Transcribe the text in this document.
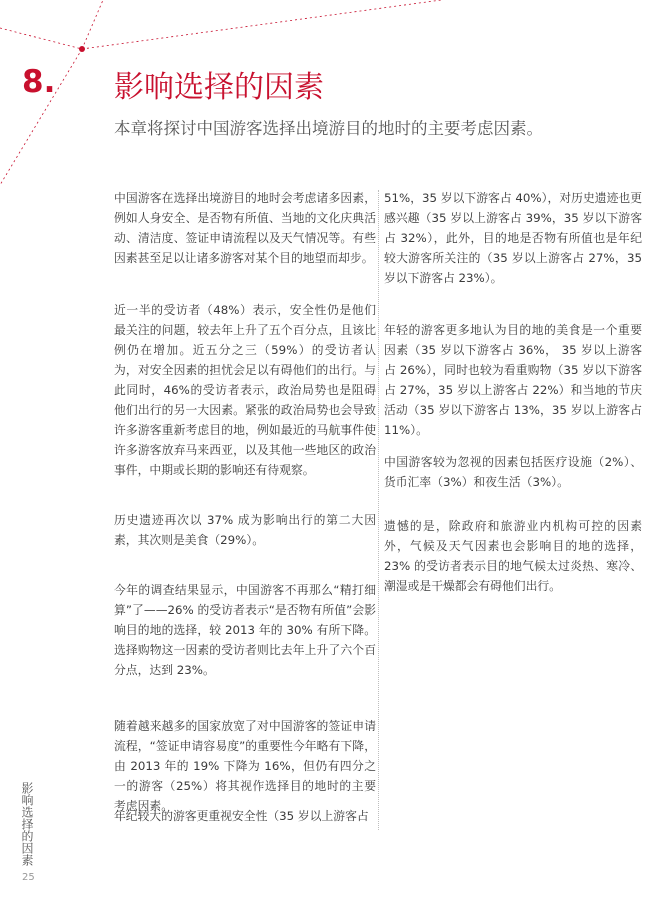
8. 影响选择的因素
本章将探讨中国游客选择出境游目的地时的主要考虑因素。

中国游客在选择出境游目的地时会考虑诸多因素，例如人身安全、是否物有所值、当地的文化庆典活动、清洁度、签证申请流程以及天气情况等。有些因素甚至足以让诸多游客对某个目的地望而却步。

近一半的受访者（48%）表示，安全性仍是他们最关注的问题，较去年上升了五个百分点，且该比例仍在增加。近五分之三（59%）的受访者认为，对安全因素的担忧会足以有碍他们的出行。与此同时，46%的受访者表示，政治局势也是阻碍他们出行的另一大因素。紧张的政治局势也会导致许多游客重新考虑目的地，例如最近的马航事件使许多游客放弃马来西亚，以及其他一些地区的政治事件，中期或长期的影响还有待观察。

历史遗迹再次以 37% 成为影响出行的第二大因素，其次则是美食（29%）。

今年的调查结果显示，中国游客不再那么“精打细算”了——26% 的受访者表示“是否物有所值”会影响目的地的选择，较 2013 年的 30% 有所下降。选择购物这一因素的受访者则比去年上升了六个百分点，达到 23%。

随着越来越多的国家放宽了对中国游客的签证申请流程，“签证申请容易度”的重要性今年略有下降，由 2013 年的 19% 下降为 16%，但仍有四分之一的游客（25%）将其视作选择目的地时的主要考虑因素。

年纪较大的游客更重视安全性（35 岁以上游客占

51%，35 岁以下游客占 40%），对历史遗迹也更感兴趣（35 岁以上游客占 39%，35 岁以下游客占 32%），此外，目的地是否物有所值也是年纪较大游客所关注的（35 岁以上游客占 27%，35 岁以下游客占 23%）。

年轻的游客更多地认为目的地的美食是一个重要因素（35 岁以下游客占 36%， 35 岁以上游客占 26%），同时也较为看重购物（35 岁以下游客占 27%，35 岁以上游客占 22%）和当地的节庆活动（35 岁以下游客占 13%，35 岁以上游客占 11%）。

中国游客较为忽视的因素包括医疗设施（2%）、货币汇率（3%）和夜生活（3%）。

遗憾的是，除政府和旅游业内机构可控的因素外，气候及天气因素也会影响目的地的选择，23% 的受访者表示目的地气候太过炎热、寒冷、潮湿或是干燥都会有碍他们出行。

影响选择的因素
25
